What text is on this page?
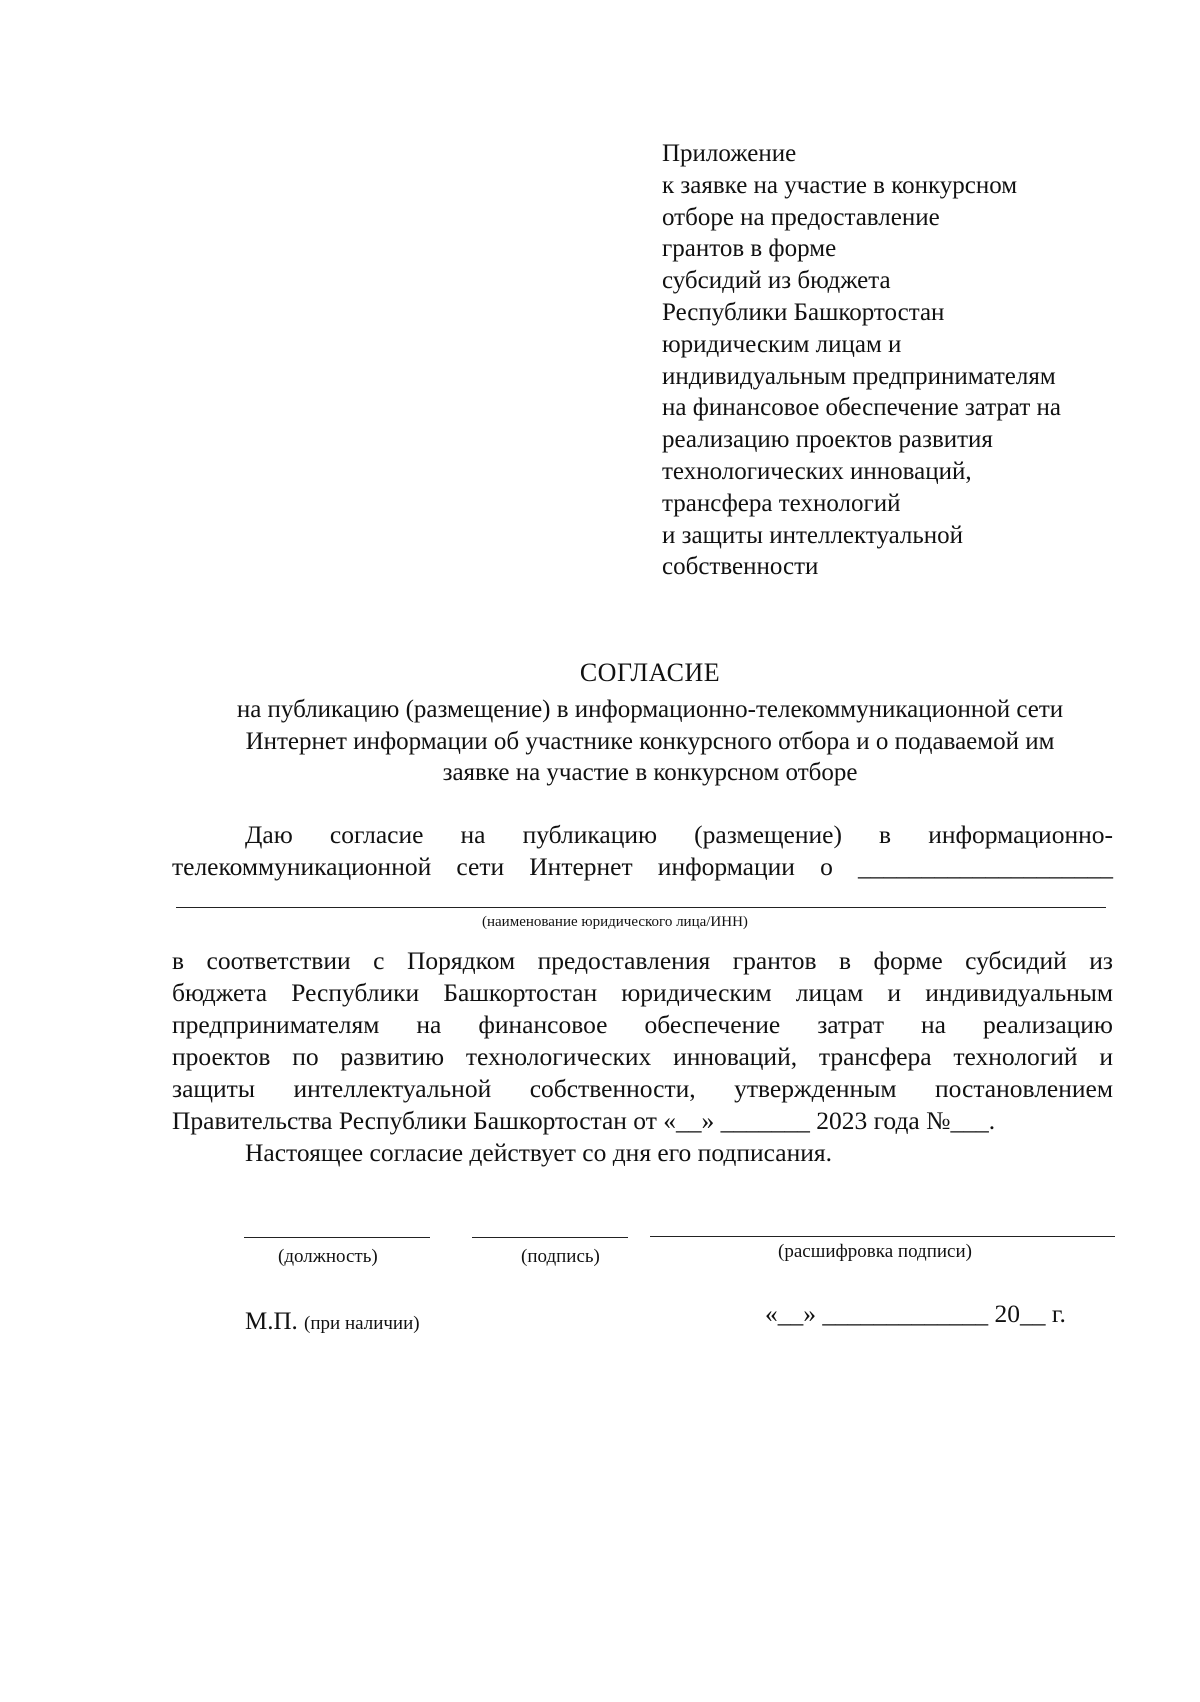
Приложение
к заявке на участие в конкурсном
отборе на предоставление
грантов в форме
субсидий из бюджета
Республики Башкортостан
юридическим лицам и
индивидуальным предпринимателям
на финансовое обеспечение затрат на
реализацию проектов развития
технологических инноваций,
трансфера технологий
и защиты интеллектуальной
собственности
СОГЛАСИЕ
на публикацию (размещение) в информационно-телекоммуникационной сети
Интернет информации об участнике конкурсного отбора и о подаваемой им
заявке на участие в конкурсном отборе
Даю согласие на публикацию (размещение) в информационно-
телекоммуникационной сети Интернет информации о ____________________
(наименование юридического лица/ИНН)
в соответствии с Порядком предоставления грантов в форме субсидий из
бюджета Республики Башкортостан юридическим лицам и индивидуальным
предпринимателям на финансовое обеспечение затрат на реализацию
проектов по развитию технологических инноваций, трансфера технологий и
защиты интеллектуальной собственности, утвержденным постановлением
Правительства Республики Башкортостан от «__» _______ 2023 года №___.
Настоящее согласие действует со дня его подписания.
(должность)	(подпись)	(расшифровка подписи)
М.П. (при наличии)	«__» _____________ 20__ г.
